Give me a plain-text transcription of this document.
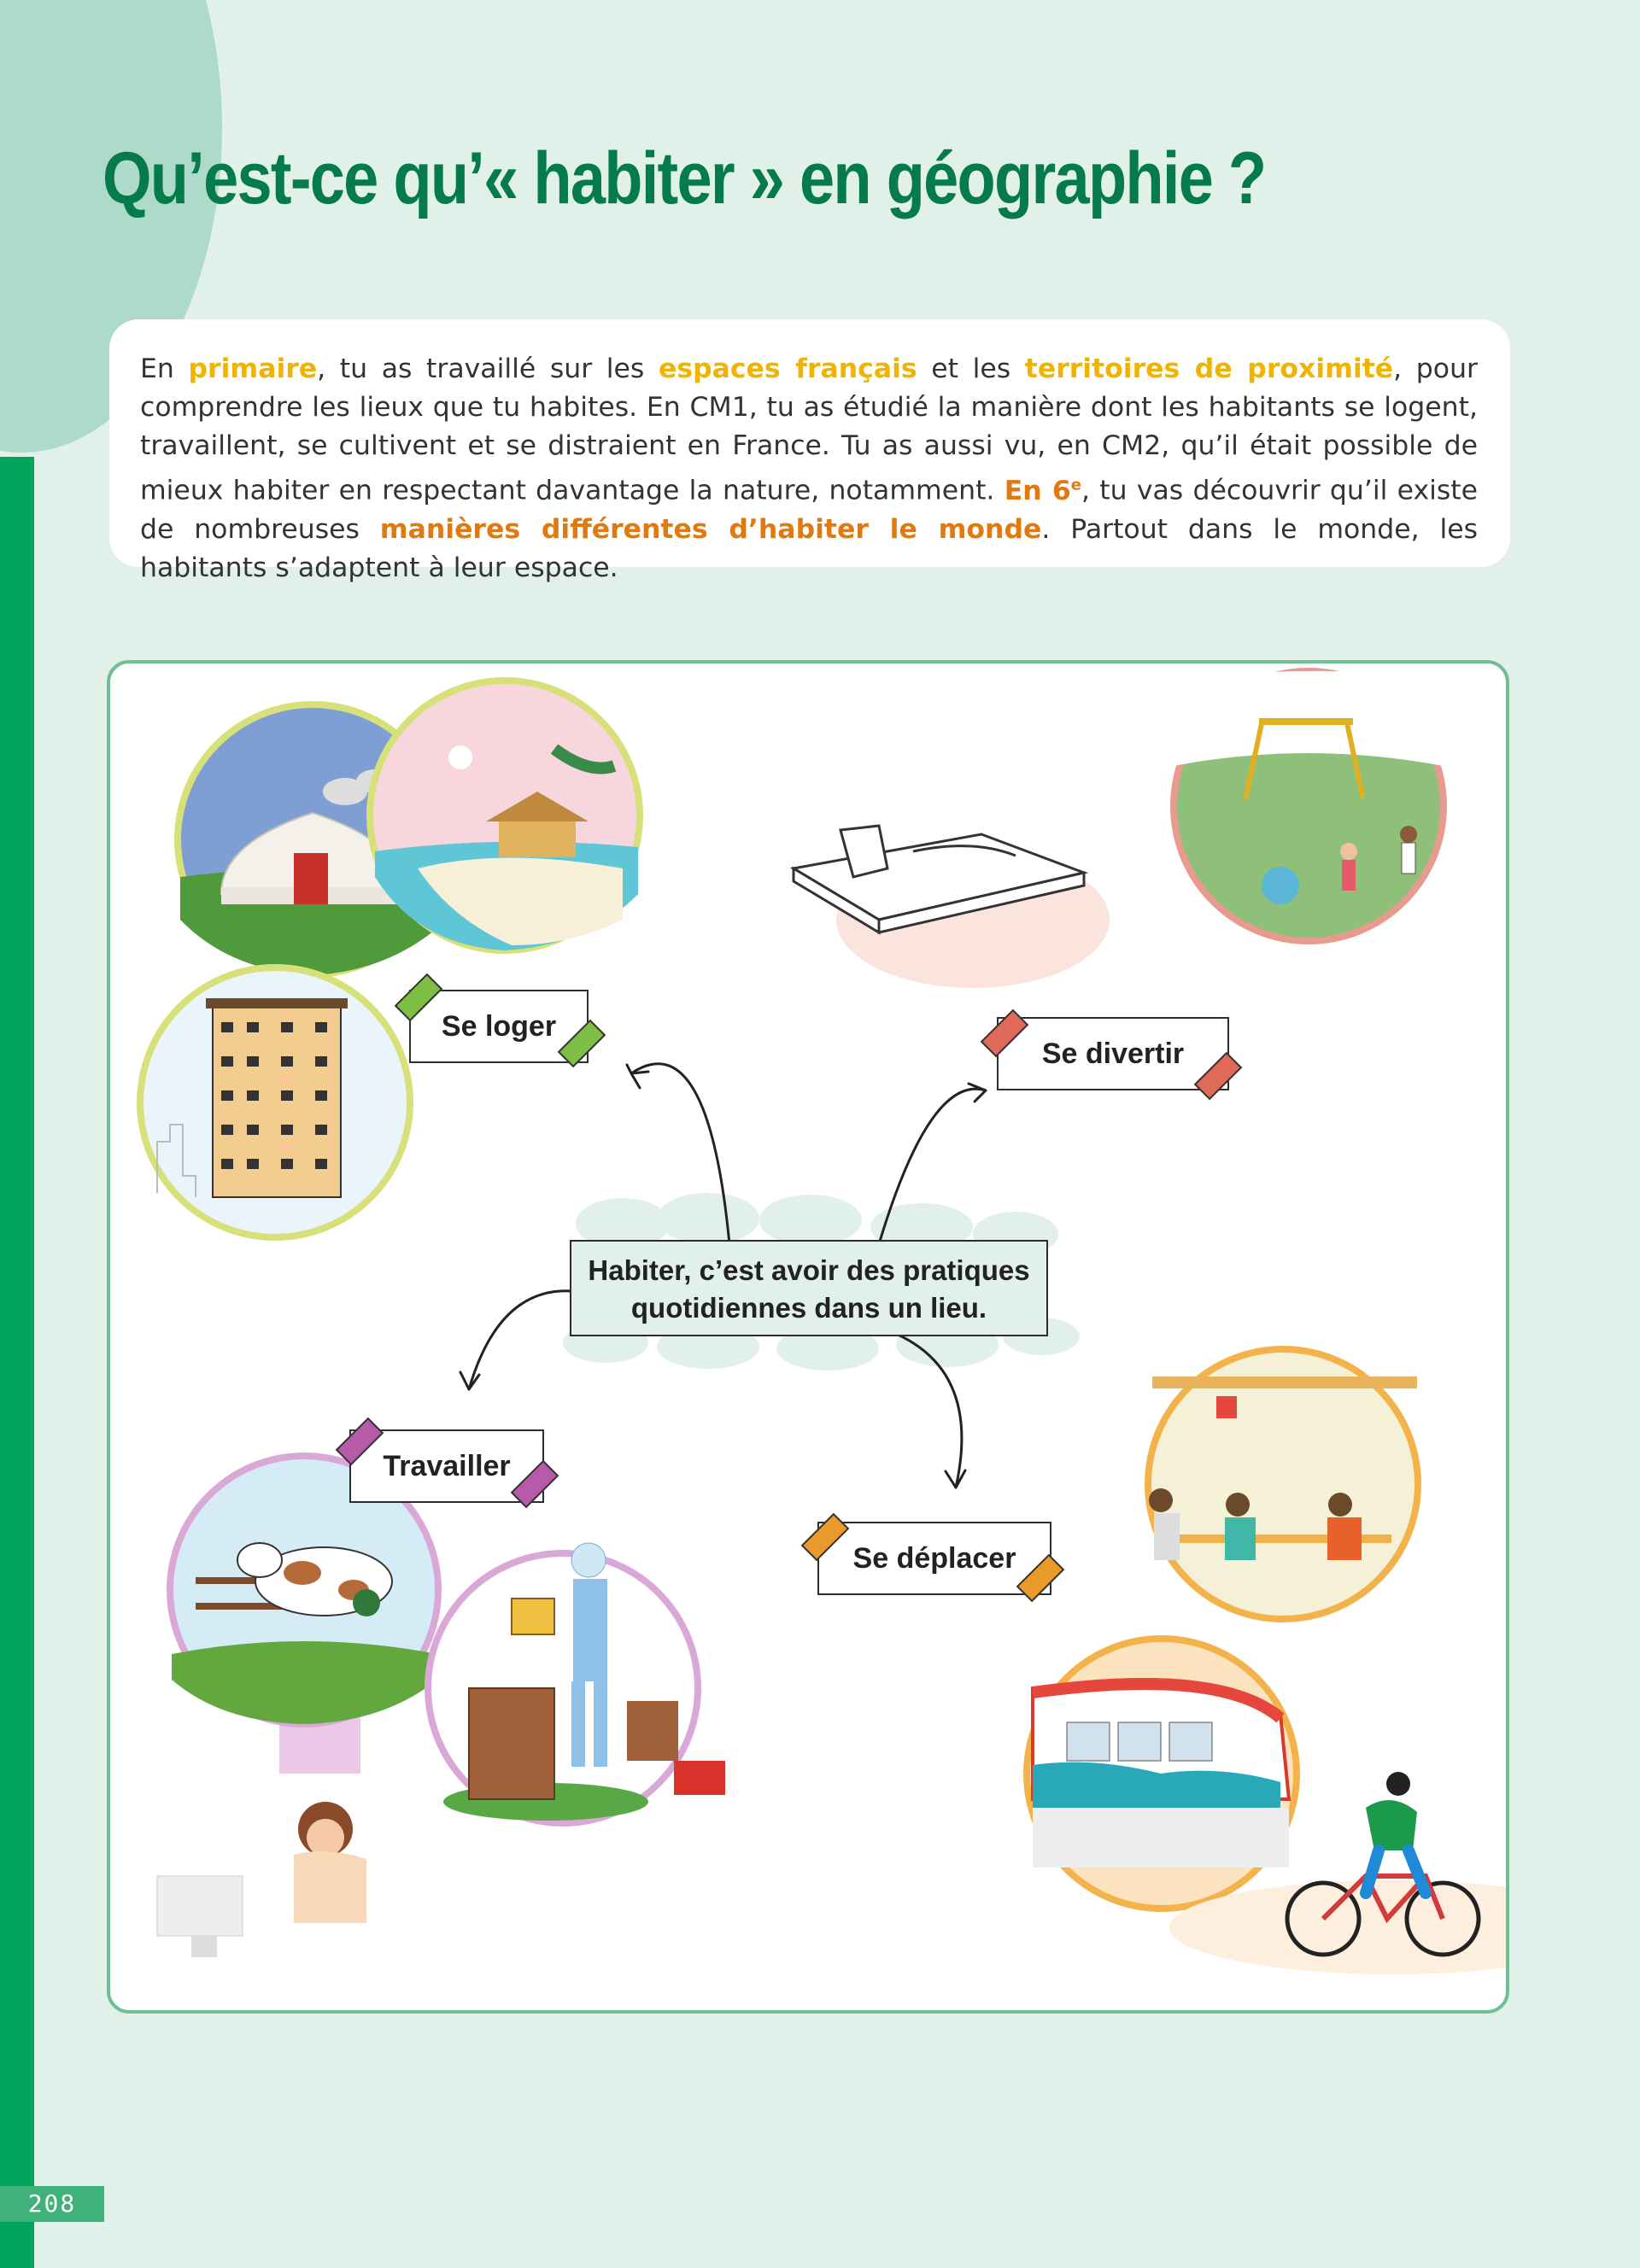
Qu’est-ce qu’« habiter » en géographie ?

En primaire, tu as travaillé sur les espaces français et les territoires de proximité, pour comprendre les lieux que tu habites. En CM1, tu as étudié la manière dont les habitants se logent, travaillent, se cultivent et se distraient en France. Tu as aussi vu, en CM2, qu’il était possible de mieux habiter en respectant davantage la nature, notamment. En 6e, tu vas découvrir qu’il existe de nombreuses manières différentes d’habiter le monde. Partout dans le monde, les habitants s’adaptent à leur espace.

Se loger
Se divertir
Habiter, c’est avoir des pratiques quotidiennes dans un lieu.
Travailler
Se déplacer
208
